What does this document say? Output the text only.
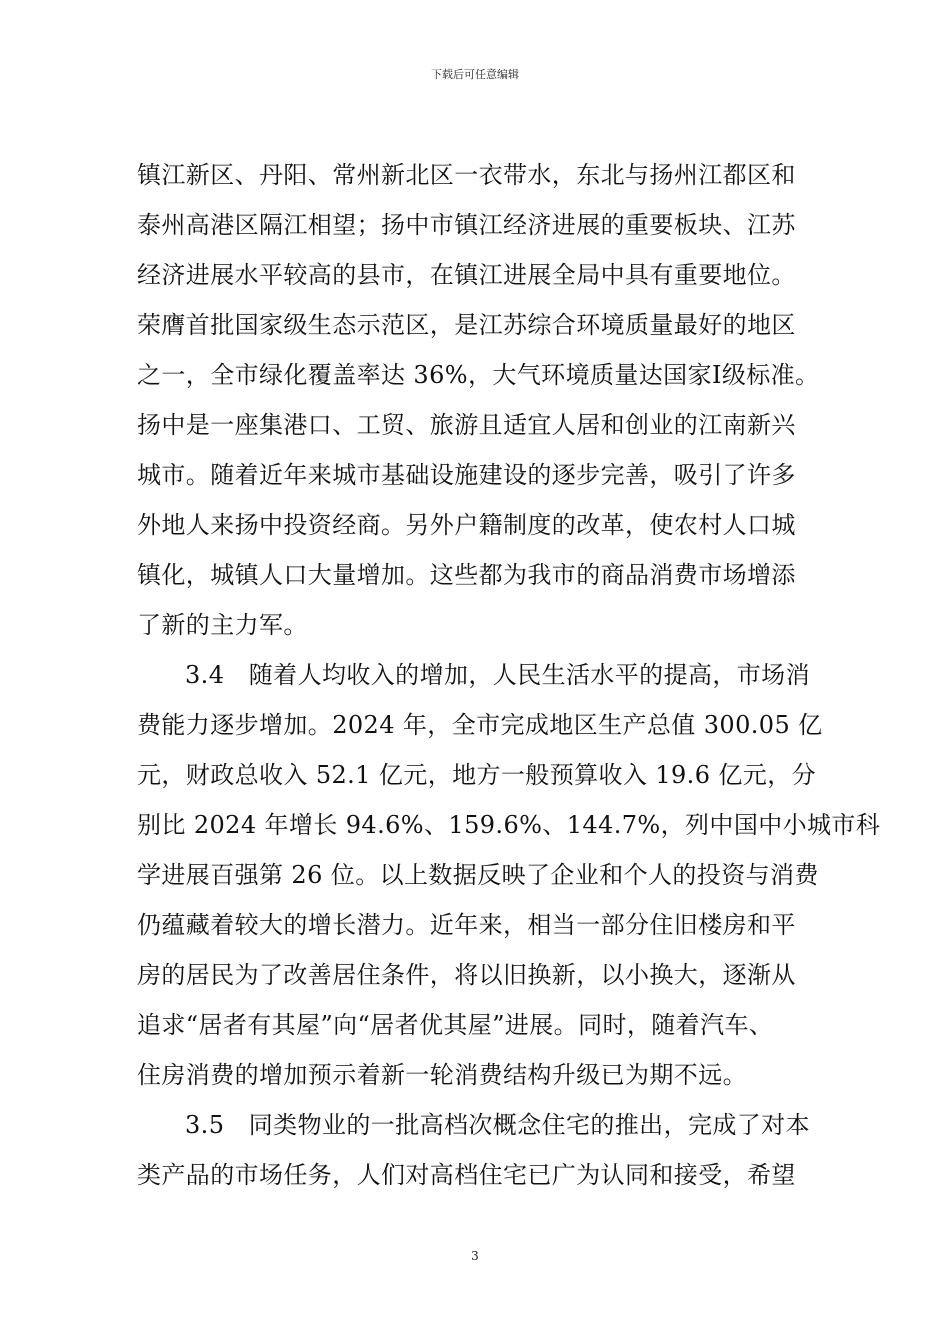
下载后可任意编辑
镇江新区、丹阳、常州新北区一衣带水，东北与扬州江都区和
泰州高港区隔江相望；扬中市镇江经济进展的重要板块、江苏
经济进展水平较高的县市，在镇江进展全局中具有重要地位。
荣膺首批国家级生态示范区，是江苏综合环境质量最好的地区
之一，全市绿化覆盖率达 36%，大气环境质量达国家Ⅰ级标准。
扬中是一座集港口、工贸、旅游且适宜人居和创业的江南新兴
城市。随着近年来城市基础设施建设的逐步完善，吸引了许多
外地人来扬中投资经商。另外户籍制度的改革，使农村人口城
镇化，城镇人口大量增加。这些都为我市的商品消费市场增添
了新的主力军。
3.4　随着人均收入的增加，人民生活水平的提高，市场消
费能力逐步增加。2024 年，全市完成地区生产总值 300.05 亿
元，财政总收入 52.1 亿元，地方一般预算收入 19.6 亿元，分
别比 2024 年增长 94.6%、159.6%、144.7%，列中国中小城市科
学进展百强第 26 位。以上数据反映了企业和个人的投资与消费
仍蕴藏着较大的增长潜力。近年来，相当一部分住旧楼房和平
房的居民为了改善居住条件，将以旧换新，以小换大，逐渐从
追求“居者有其屋”向“居者优其屋”进展。同时，随着汽车、
住房消费的增加预示着新一轮消费结构升级已为期不远。
3.5　同类物业的一批高档次概念住宅的推出，完成了对本
类产品的市场任务，人们对高档住宅已广为认同和接受，希望
3
